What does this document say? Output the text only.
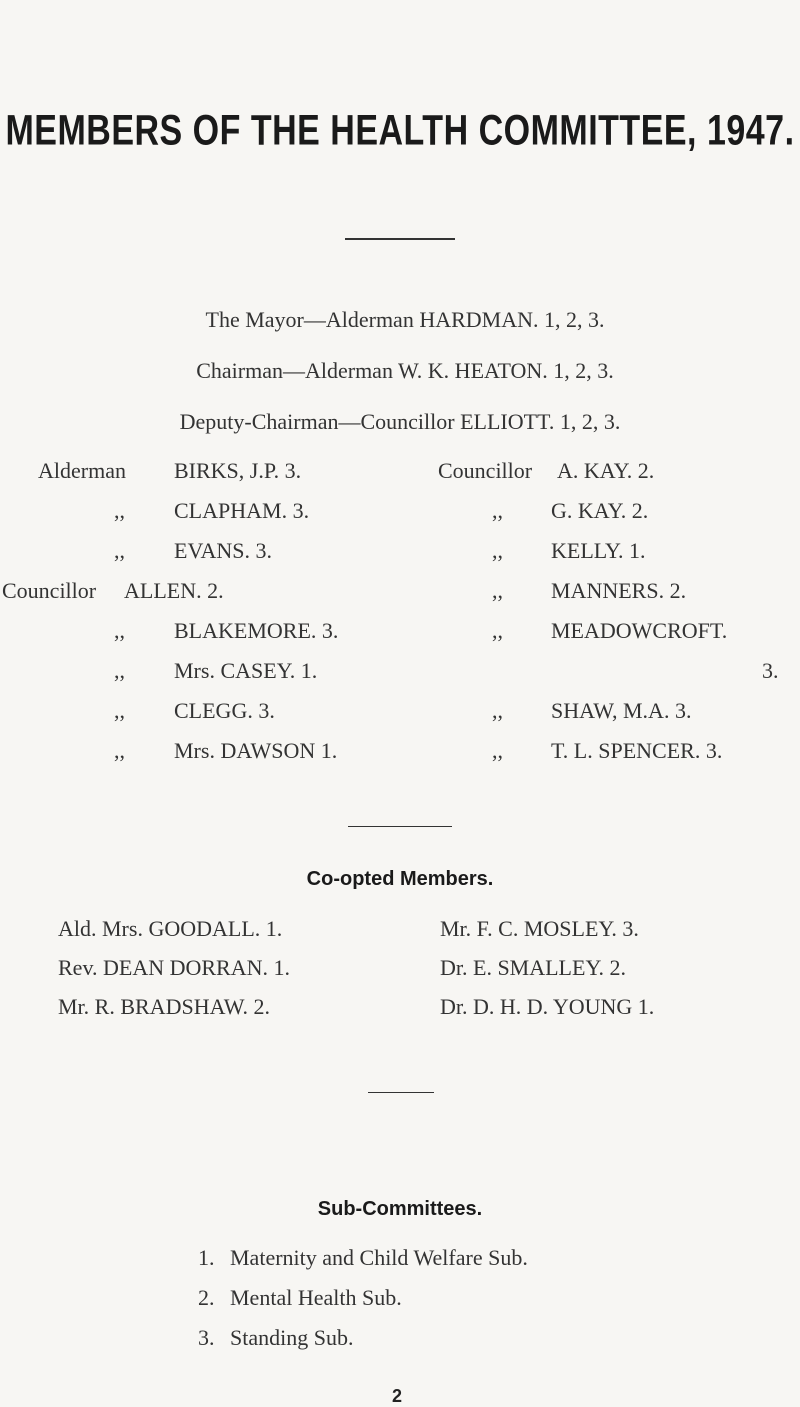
MEMBERS OF THE HEALTH COMMITTEE, 1947.
The Mayor—Alderman HARDMAN. 1, 2, 3.
Chairman—Alderman W. K. HEATON. 1, 2, 3.
Deputy-Chairman—Councillor ELLIOTT. 1, 2, 3.
Alderman BIRKS, J.P. 3.
,, CLAPHAM. 3.
,, EVANS. 3.
Councillor ALLEN. 2.
,, BLAKEMORE. 3.
,, Mrs. CASEY. 1.
,, CLEGG. 3.
,, Mrs. DAWSON 1.
Councillor A. KAY. 2.
,, G. KAY. 2.
,, KELLY. 1.
,, MANNERS. 2.
,, MEADOWCROFT.
3.
,, SHAW, M.A. 3.
,, T. L. SPENCER. 3.
Co-opted Members.
Ald. Mrs. GOODALL. 1.
Rev. DEAN DORRAN. 1.
Mr. R. BRADSHAW. 2.
Mr. F. C. MOSLEY. 3.
Dr. E. SMALLEY. 2.
Dr. D. H. D. YOUNG 1.
Sub-Committees.
1. Maternity and Child Welfare Sub.
2. Mental Health Sub.
3. Standing Sub.
2
